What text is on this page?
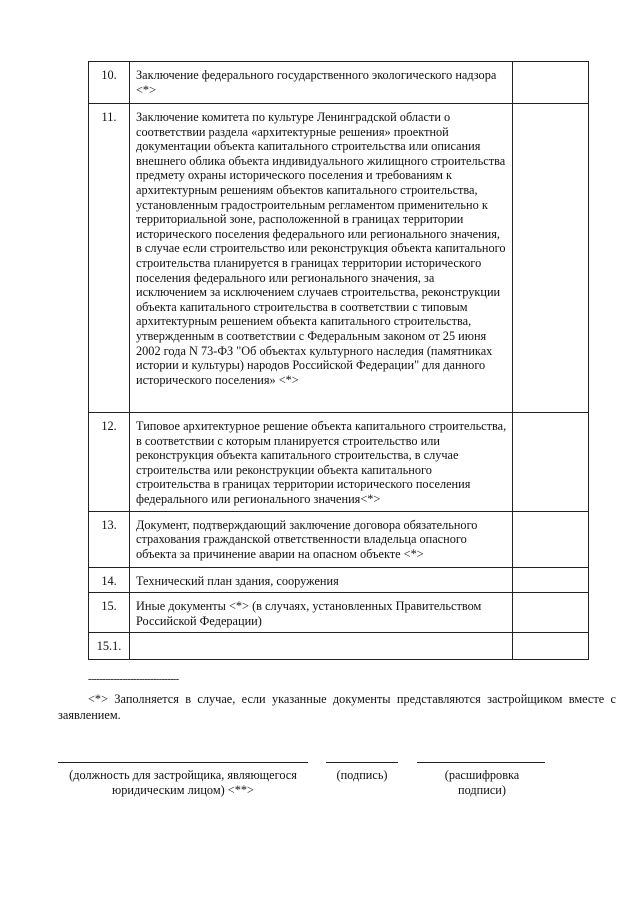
10.	Заключение федерального государственного экологического надзора <*>	
11.	Заключение комитета по культуре Ленинградской области о соответствии раздела «архитектурные решения» проектной документации объекта капитального строительства или описания внешнего облика объекта индивидуального жилищного строительства предмету охраны исторического поселения и требованиям к архитектурным решениям объектов капитального строительства, установленным градостроительным регламентом применительно к территориальной зоне, расположенной в границах территории исторического поселения федерального или регионального значения, в случае если строительство или реконструкция объекта капитального строительства планируется в границах территории исторического поселения федерального или регионального значения, за исключением за исключением случаев строительства, реконструкции объекта капитального строительства в соответствии с типовым архитектурным решением объекта капитального строительства, утвержденным в соответствии с Федеральным законом от 25 июня 2002 года N 73-ФЗ "Об объектах культурного наследия (памятниках истории и культуры) народов Российской Федерации" для данного исторического поселения» <*>	
12.	Типовое архитектурное решение объекта капитального строительства, в соответствии с которым планируется строительство или реконструкция объекта капитального строительства, в случае строительства или реконструкции объекта капитального строительства в границах территории исторического поселения федерального или регионального значения<*>	
13.	Документ, подтверждающий заключение договора обязательного страхования гражданской ответственности владельца опасного объекта за причинение аварии на опасном объекте <*>	
14.	Технический план здания, сооружения	
15.	Иные документы <*> (в случаях, установленных Правительством Российской Федерации)	
15.1.		
--------------------------------
<*> Заполняется в случае, если указанные документы представляются застройщиком вместе с заявлением.
(должность для застройщика, являющегося юридическим лицом) <**>
(подпись)	(расшифровка подписи)
